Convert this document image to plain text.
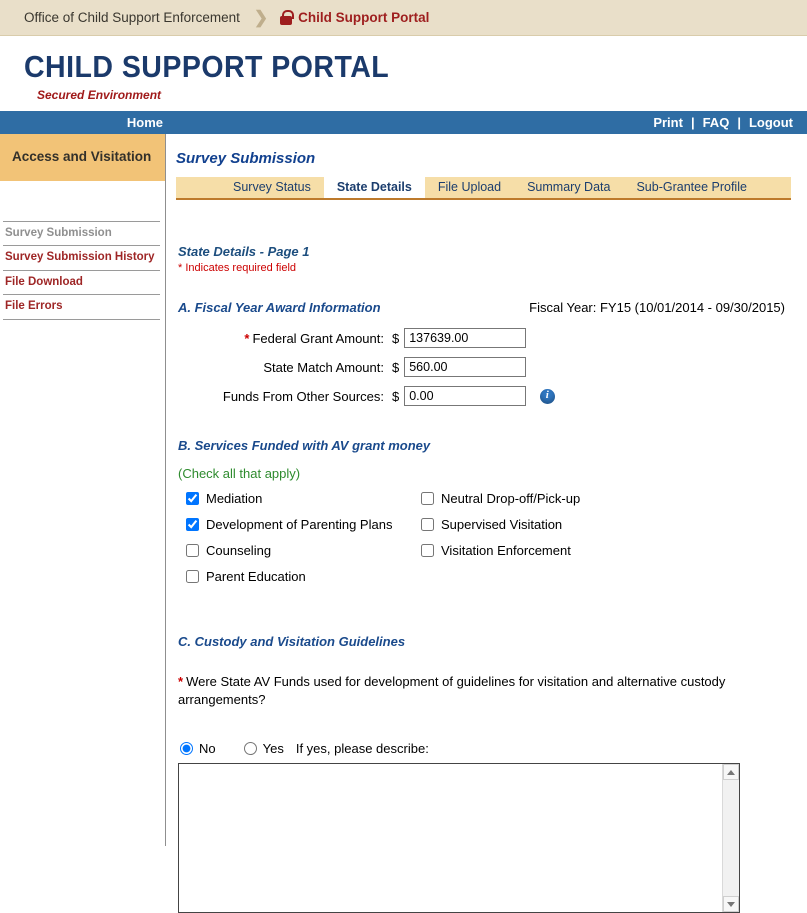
Office of Child Support Enforcement ❯	Child Support Portal
CHILD SUPPORT PORTAL
Secured Environment
Home	Print | FAQ | Logout
Access and Visitation
Survey Submission
Survey Submission History
File Download
File Errors
Survey Submission
Survey Status	State Details	File Upload	Summary Data	Sub-Grantee Profile
State Details - Page 1
* Indicates required field
A. Fiscal Year Award Information	Fiscal Year: FY15 (10/01/2014 - 09/30/2015)
* Federal Grant Amount: $
137639.00
State Match Amount: $
560.00
Funds From Other Sources: $
0.00
i
B. Services Funded with AV grant money
(Check all that apply)
Mediation
Development of Parenting Plans
Counseling
Parent Education
Neutral Drop-off/Pick-up
Supervised Visitation
Visitation Enforcement
C. Custody and Visitation Guidelines
* Were State AV Funds used for development of guidelines for visitation and alternative custody arrangements?
No	Yes If yes, please describe:
